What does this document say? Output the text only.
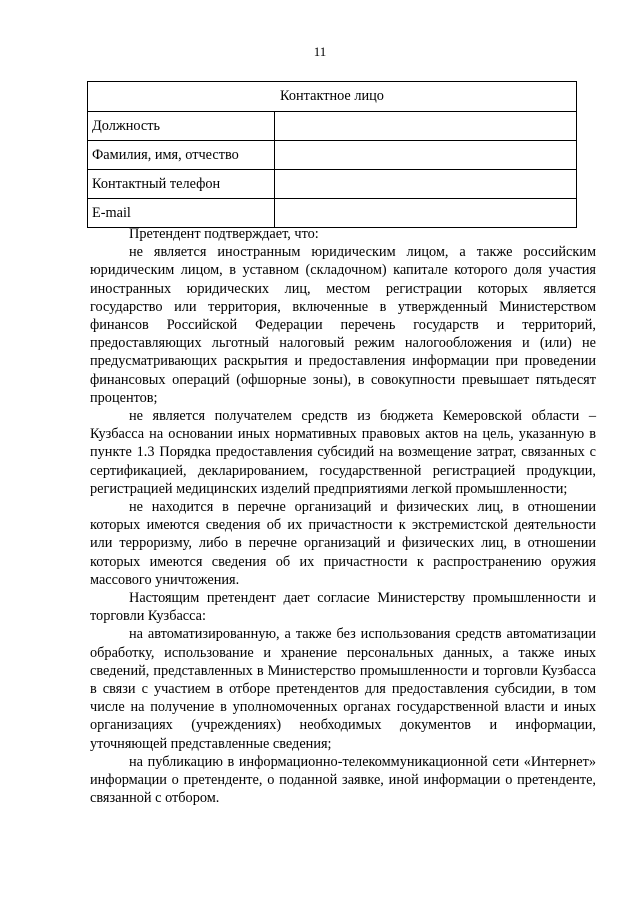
11
Контактное лицо	
Должность	
Фамилия, имя, отчество	
Контактный телефон	
E-mail	

Претендент подтверждает, что:

не является иностранным юридическим лицом, а также российским юридическим лицом, в уставном (складочном) капитале которого доля участия иностранных юридических лиц, местом регистрации которых является государство или территория, включенные в утвержденный Министерством финансов Российской Федерации перечень государств и территорий, предоставляющих льготный налоговый режим налогообложения и (или) не предусматривающих раскрытия и предоставления информации при проведении финансовых операций (офшорные зоны), в совокупности превышает пятьдесят процентов;

не является получателем средств из бюджета Кемеровской области – Кузбасса на основании иных нормативных правовых актов на цель, указанную в пункте 1.3 Порядка предоставления субсидий на возмещение затрат, связанных с сертификацией, декларированием, государственной регистрацией продукции, регистрацией медицинских изделий предприятиями легкой промышленности;

не находится в перечне организаций и физических лиц, в отношении которых имеются сведения об их причастности к экстремистской деятельности или терроризму, либо в перечне организаций и физических лиц, в отношении которых имеются сведения об их причастности к распространению оружия массового уничтожения.

Настоящим претендент дает согласие Министерству промышленности и торговли Кузбасса:

на автоматизированную, а также без использования средств автоматизации обработку, использование и хранение персональных данных, а также иных сведений, представленных в Министерство промышленности и торговли Кузбасса в связи с участием в отборе претендентов для предоставления субсидии, в том числе на получение в уполномоченных органах государственной власти и иных организациях (учреждениях) необходимых документов и информации, уточняющей представленные сведения;

на публикацию в информационно-телекоммуникационной сети «Интернет» информации о претенденте, о поданной заявке, иной информации о претенденте, связанной с отбором.
